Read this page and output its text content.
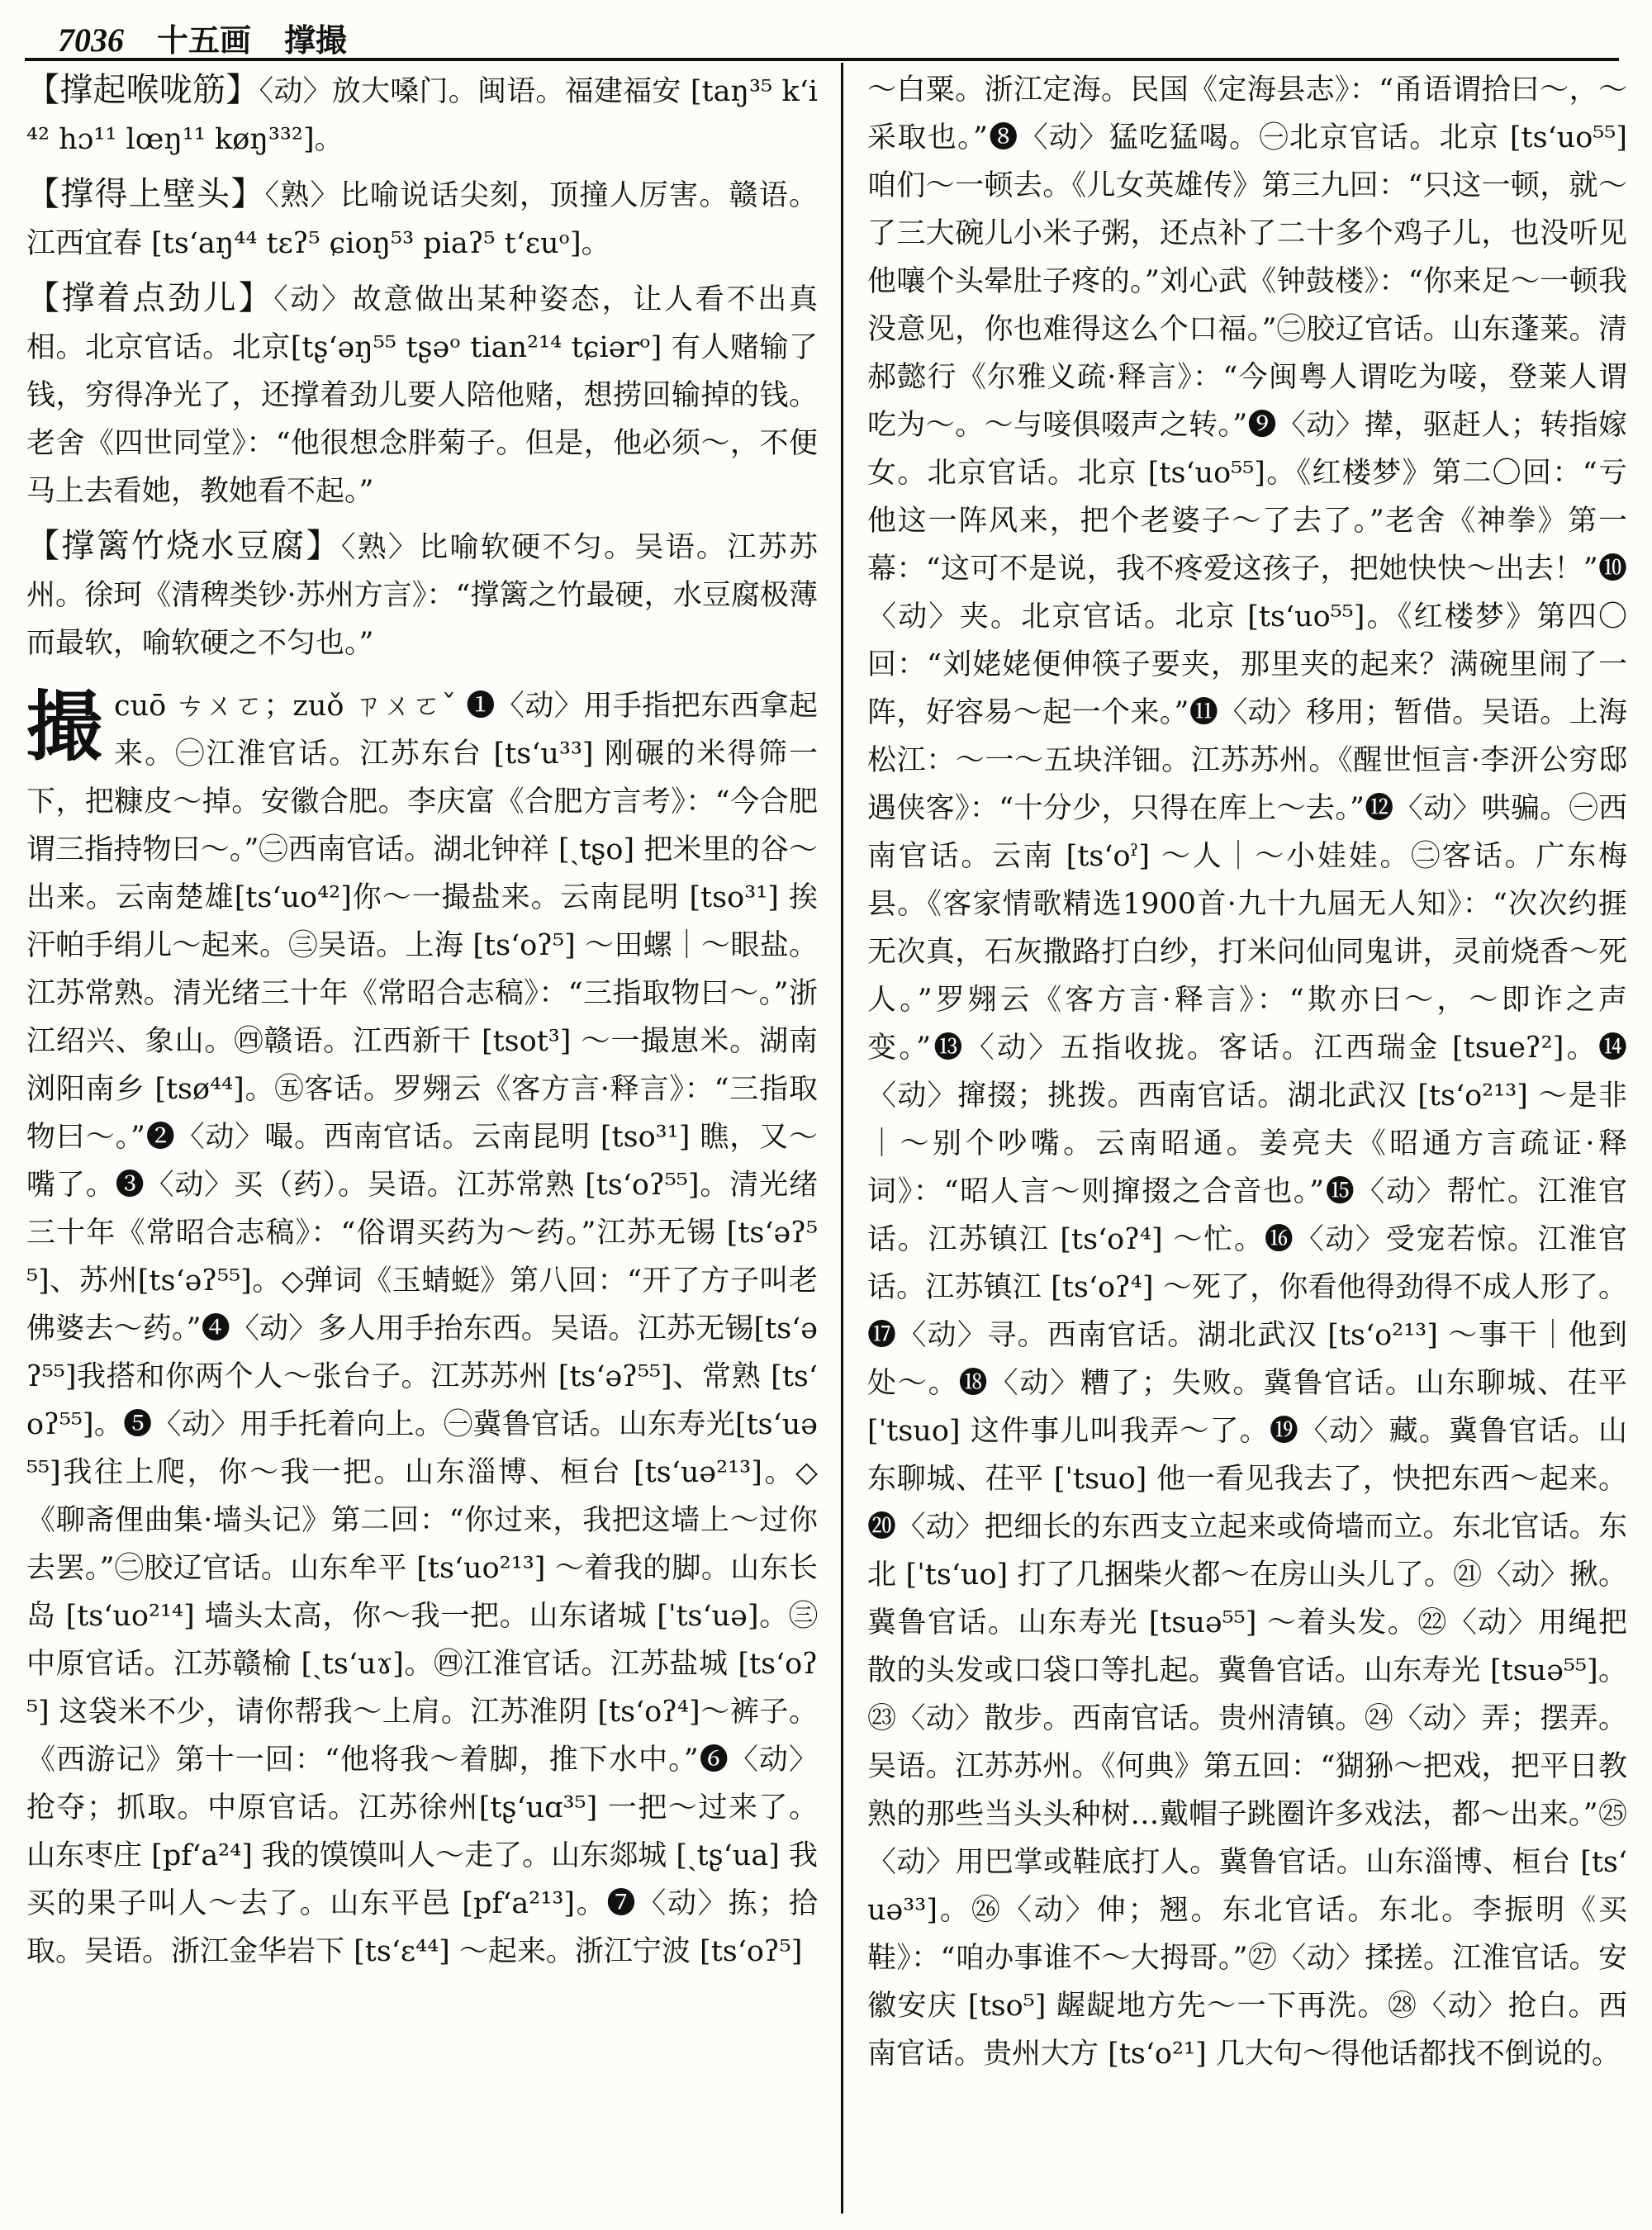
7036 十五画 撑撮

【撑起喉咙筋】〈动〉放大嗓门。闽语。福建福安 [taŋ³⁵ kʻi⁴² hɔ¹¹ lœŋ¹¹ køŋ³³²]。

【撑得上壁头】〈熟〉比喻说话尖刻，顶撞人厉害。赣语。江西宜春 [tsʻaŋ⁴⁴ tɛʔ⁵ ɕioŋ⁵³ piaʔ⁵ tʻɛuᵒ]。

【撑着点劲儿】〈动〉故意做出某种姿态，让人看不出真相。北京官话。北京[tʂʻəŋ⁵⁵ tʂəᵒ tian²¹⁴ tɕiərᵒ] 有人赌输了钱，穷得净光了，还撑着劲儿要人陪他赌，想捞回输掉的钱。老舍《四世同堂》：“他很想念胖菊子。但是，他必须～，不便马上去看她，教她看不起。”

【撑篱竹烧水豆腐】〈熟〉比喻软硬不匀。吴语。江苏苏州。徐珂《清稗类钞·苏州方言》：“撑篱之竹最硬，水豆腐极薄而最软，喻软硬之不匀也。”

撮 cuō ㄘㄨㄛ；zuǒ ㄗㄨㄛˇ ❶〈动〉用手指把东西拿起来。㊀江淮官话。江苏东台 [tsʻu³³] 刚碾的米得筛一下，把糠皮～掉。安徽合肥。李庆富《合肥方言考》：“今合肥谓三指持物曰～。”㊁西南官话。湖北钟祥 [ˏtʂo] 把米里的谷～出来。云南楚雄[tsʻuo⁴²]你～一撮盐来。云南昆明 [tso³¹] 挨汗帕手绢儿～起来。㊂吴语。上海 [tsʻoʔ⁵] ～田螺｜～眼盐。江苏常熟。清光绪三十年《常昭合志稿》：“三指取物曰～。”浙江绍兴、象山。㊃赣语。江西新干 [tsot³] ～一撮崽米。湖南浏阳南乡 [tsø⁴⁴]。㊄客话。罗翙云《客方言·释言》：“三指取物曰～。”❷〈动〉嘬。西南官话。云南昆明 [tso³¹] 瞧，又～嘴了。❸〈动〉买（药）。吴语。江苏常熟 [tsʻoʔ⁵⁵]。清光绪三十年《常昭合志稿》：“俗谓买药为～药。”江苏无锡 [tsʻəʔ⁵⁵]、苏州[tsʻəʔ⁵⁵]。◇弹词《玉蜻蜓》第八回：“开了方子叫老佛婆去～药。”❹〈动〉多人用手抬东西。吴语。江苏无锡[tsʻəʔ⁵⁵]我搭和你两个人～张台子。江苏苏州 [tsʻəʔ⁵⁵]、常熟 [tsʻoʔ⁵⁵]。❺〈动〉用手托着向上。㊀冀鲁官话。山东寿光[tsʻuə⁵⁵]我往上爬，你～我一把。山东淄博、桓台 [tsʻuə²¹³]。◇《聊斋俚曲集·墙头记》第二回：“你过来，我把这墙上～过你去罢。”㊁胶辽官话。山东牟平 [tsʻuo²¹³] ～着我的脚。山东长岛 [tsʻuo²¹⁴] 墙头太高，你～我一把。山东诸城 [ˈtsʻuə]。㊂中原官话。江苏赣榆 [ˏtsʻuɤ]。㊃江淮官话。江苏盐城 [tsʻoʔ⁵] 这袋米不少，请你帮我～上肩。江苏淮阴 [tsʻoʔ⁴]～裤子。《西游记》第十一回：“他将我～着脚，推下水中。”❻〈动〉抢夺；抓取。中原官话。江苏徐州[tʂʻuɑ³⁵] 一把～过来了。山东枣庄 [pfʻa²⁴] 我的馍馍叫人～走了。山东郯城 [ˏtʂʻua] 我买的果子叫人～去了。山东平邑 [pfʻa²¹³]。❼〈动〉拣；拾取。吴语。浙江金华岩下 [tsʻɛ⁴⁴] ～起来。浙江宁波 [tsʻoʔ⁵]

～白粟。浙江定海。民国《定海县志》：“甬语谓拾曰～，～采取也。”❽〈动〉猛吃猛喝。㊀北京官话。北京 [tsʻuo⁵⁵]咱们～一顿去。《儿女英雄传》第三九回：“只这一顿，就～了三大碗儿小米子粥，还点补了二十多个鸡子儿，也没听见他嚷个头晕肚子疼的。”刘心武《钟鼓楼》：“你来足～一顿我没意见，你也难得这么个口福。”㊁胶辽官话。山东蓬莱。清郝懿行《尔雅义疏·释言》：“今闽粤人谓吃为唼，登莱人谓吃为～。～与唼俱啜声之转。”❾〈动〉撵，驱赶人；转指嫁女。北京官话。北京 [tsʻuo⁵⁵]。《红楼梦》第二〇回：“亏他这一阵风来，把个老婆子～了去了。”老舍《神拳》第一幕：“这可不是说，我不疼爱这孩子，把她快快～出去！”❿〈动〉夹。北京官话。北京 [tsʻuo⁵⁵]。《红楼梦》第四〇回：“刘姥姥便伸筷子要夹，那里夹的起来？满碗里闹了一阵，好容易～起一个来。”⓫〈动〉移用；暂借。吴语。上海松江：～一～五块洋钿。江苏苏州。《醒世恒言·李汧公穷邸遇侠客》：“十分少，只得在库上～去。”⓬〈动〉哄骗。㊀西南官话。云南 [tsʻoˀ] ～人｜～小娃娃。㊁客话。广东梅县。《客家情歌精选1900首·九十九屆无人知》：“次次约捱无次真，石灰撒路打白纱，打米问仙同鬼讲，灵前烧香～死人。”罗翙云《客方言·释言》：“欺亦曰～，～即诈之声变。”⓭〈动〉五指收拢。客话。江西瑞金 [tsueʔ²]。⓮〈动〉撺掇；挑拨。西南官话。湖北武汉 [tsʻo²¹³] ～是非｜～别个吵嘴。云南昭通。姜亮夫《昭通方言疏证·释词》：“昭人言～则撺掇之合音也。”⓯〈动〉帮忙。江淮官话。江苏镇江 [tsʻoʔ⁴] ～忙。⓰〈动〉受宠若惊。江淮官话。江苏镇江 [tsʻoʔ⁴] ～死了，你看他得劲得不成人形了。⓱〈动〉寻。西南官话。湖北武汉 [tsʻo²¹³] ～事干｜他到处～。⓲〈动〉糟了；失败。冀鲁官话。山东聊城、茌平 [ˈtsuo] 这件事儿叫我弄～了。⓳〈动〉藏。冀鲁官话。山东聊城、茌平 [ˈtsuo] 他一看见我去了，快把东西～起来。⓴〈动〉把细长的东西支立起来或倚墙而立。东北官话。东北 [ˈtsʻuo] 打了几捆柴火都～在房山头儿了。㉑〈动〉揪。冀鲁官话。山东寿光 [tsuə⁵⁵] ～着头发。㉒〈动〉用绳把散的头发或口袋口等扎起。冀鲁官话。山东寿光 [tsuə⁵⁵]。㉓〈动〉散步。西南官话。贵州清镇。㉔〈动〉弄；摆弄。吴语。江苏苏州。《何典》第五回：“猢狲～把戏，把平日教熟的那些当头头种树…戴帽子跳圈许多戏法，都～出来。”㉕〈动〉用巴掌或鞋底打人。冀鲁官话。山东淄博、桓台 [tsʻuə³³]。㉖〈动〉伸；翘。东北官话。东北。李振明《买鞋》：“咱办事谁不～大拇哥。”㉗〈动〉揉搓。江淮官话。安徽安庆 [tso⁵] 龌龊地方先～一下再洗。㉘〈动〉抢白。西南官话。贵州大方 [tsʻo²¹] 几大句～得他话都找不倒说的。
